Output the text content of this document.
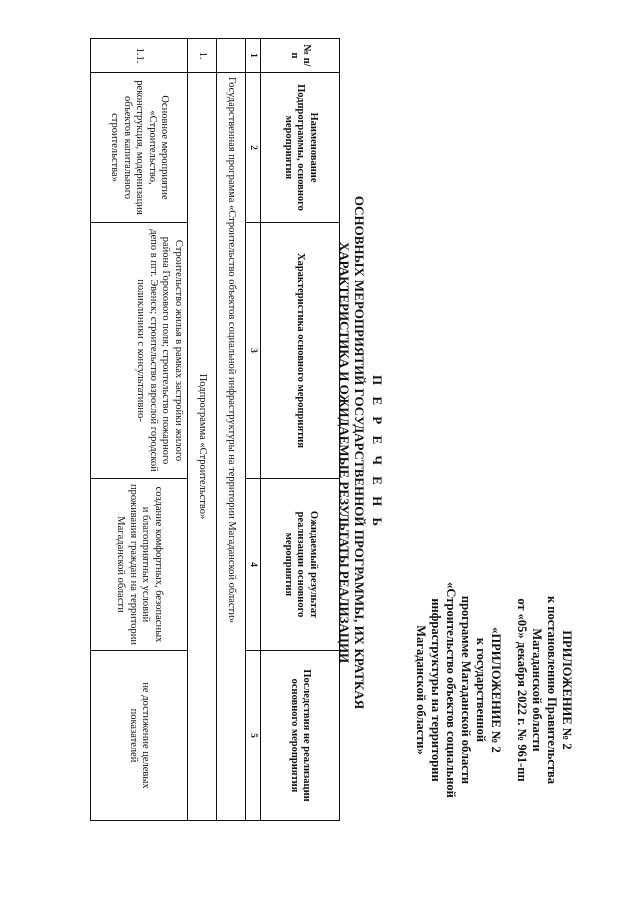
ПРИЛОЖЕНИЕ № 2
к постановлению Правительства
Магаданской области
от «05» декабря 2022 г. № 961-пп
«ПРИЛОЖЕНИЕ № 2
к государственной
программе Магаданской области
«Строительство объектов социальной
инфраструктуры на территории
Магаданской области»
П Е Р Е Ч Е Н Ь
ОСНОВНЫХ МЕРОПРИЯТИЙ ГОСУДАРСТВЕННОЙ ПРОГРАММЫ, ИХ КРАТКАЯ
ХАРАКТЕРИСТИКА И ОЖИДАЕМЫЕ РЕЗУЛЬТАТЫ РЕАЛИЗАЦИИ
№ п/п	Наименование Подпрограммы, основного мероприятия	Характеристика основного мероприятия	Ожидаемый результат реализации основного мероприятия	Последствия не реализации основного мероприятия
1	2	3	4	5
	Государственная программа «Строительство объектов социальной инфраструктуры на территории Магаданской области»			
1.	Подпрограмма «Строительство»			
1.1.	Основное мероприятие «Строительство, реконструкция, модернизация объектов капитального строительства»	Строительство жилья в рамках застройки жилого района Горохового поля; строительство пожарного депо в пгт. Эвенск; строительство взрослой городской поликлиники с консультативно-	создание комфортных, безопасных и благоприятных условий проживания граждан на территории Магаданской области	не достижение целевых показателей
